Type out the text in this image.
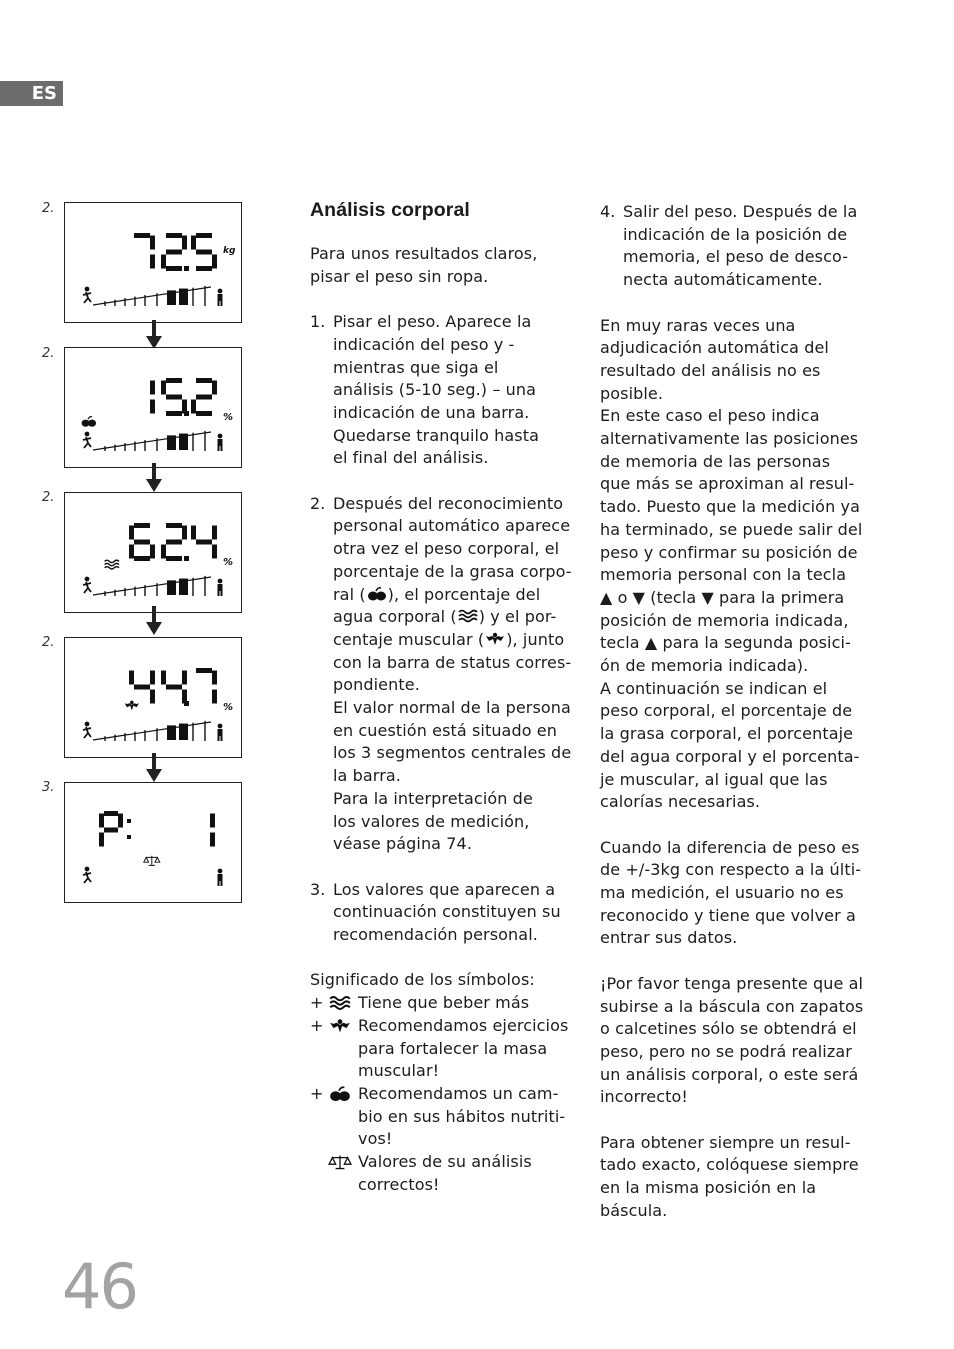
ES
2.
kg
2.
%
2.
%
2.
%
3.

Análisis corporal

Para unos resultados claros,

pisar el peso sin ropa.

1. Pisar el peso. Aparece la

indicación del peso y -

mientras que siga el

análisis (5-10 seg.) – una

indicación de una barra.

Quedarse tranquilo hasta

el final del análisis.

2. Después del reconocimiento

personal automático aparece

otra vez el peso corporal, el

porcentaje de la grasa corpo-

ral ( ), el porcentaje del

agua corporal ( ) y el por-

centaje muscular ( ), junto

con la barra de status corres-

pondiente.

El valor normal de la persona

en cuestión está situado en

los 3 segmentos centrales de

la barra.

Para la interpretación de

los valores de medición,

véase página 74.

3. Los valores que aparecen a

continuación constituyen su

recomendación personal.

Significado de los símbolos:

+ Tiene que beber más

+ Recomendamos ejercicios

para fortalecer la masa

muscular!

+ Recomendamos un cam-

bio en sus hábitos nutriti-

vos!

Valores de su análisis

correctos!

4. Salir del peso. Después de la

indicación de la posición de

memoria, el peso de desco-

necta automáticamente.

En muy raras veces una

adjudicación automática del

resultado del análisis no es

posible.

En este caso el peso indica

alternativamente las posiciones

de memoria de las personas

que más se aproximan al resul-

tado. Puesto que la medición ya

ha terminado, se puede salir del

peso y confirmar su posición de

memoria personal con la tecla

▲ o ▼ (tecla ▼ para la primera

posición de memoria indicada,

tecla ▲ para la segunda posici-

ón de memoria indicada).

A continuación se indican el

peso corporal, el porcentaje de

la grasa corporal, el porcentaje

del agua corporal y el porcenta-

je muscular, al igual que las

calorías necesarias.

Cuando la diferencia de peso es

de +/-3kg con respecto a la últi-

ma medición, el usuario no es

reconocido y tiene que volver a

entrar sus datos.

¡Por favor tenga presente que al

subirse a la báscula con zapatos

o calcetines sólo se obtendrá el

peso, pero no se podrá realizar

un análisis corporal, o este será

incorrecto!

Para obtener siempre un resul-

tado exacto, colóquese siempre

en la misma posición en la

báscula.

46
